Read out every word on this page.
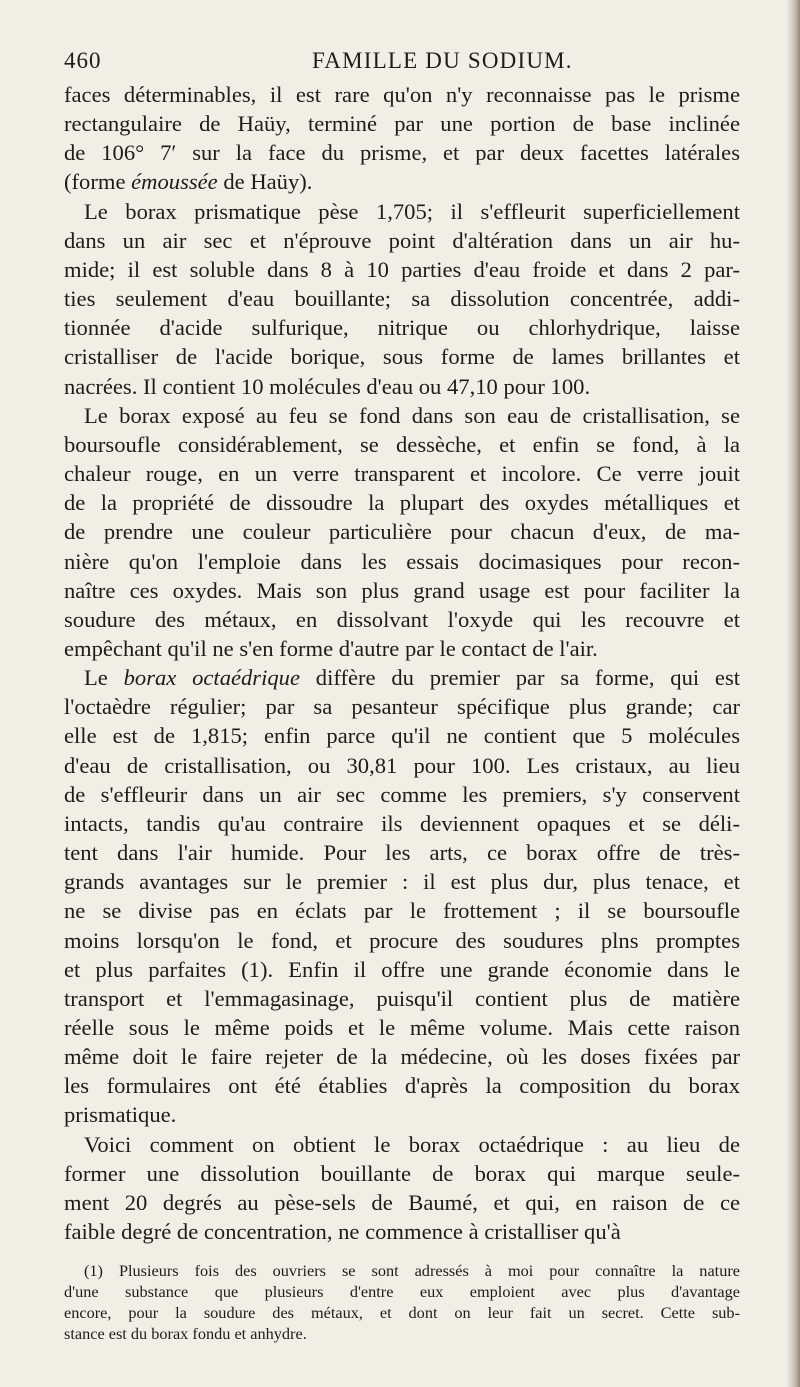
460	FAMILLE DU SODIUM.

faces déterminables, il est rare qu'on n'y reconnaisse pas le prisme
rectangulaire de Haüy, terminé par une portion de base inclinée
de 106° 7′ sur la face du prisme, et par deux facettes latérales
(forme émoussée de Haüy).

Le borax prismatique pèse 1,705; il s'effleurit superficiellement
dans un air sec et n'éprouve point d'altération dans un air hu-
mide; il est soluble dans 8 à 10 parties d'eau froide et dans 2 par-
ties seulement d'eau bouillante; sa dissolution concentrée, addi-
tionnée d'acide sulfurique, nitrique ou chlorhydrique, laisse
cristalliser de l'acide borique, sous forme de lames brillantes et
nacrées. Il contient 10 molécules d'eau ou 47,10 pour 100.

Le borax exposé au feu se fond dans son eau de cristallisation, se
boursoufle considérablement, se dessèche, et enfin se fond, à la
chaleur rouge, en un verre transparent et incolore. Ce verre jouit
de la propriété de dissoudre la plupart des oxydes métalliques et
de prendre une couleur particulière pour chacun d'eux, de ma-
nière qu'on l'emploie dans les essais docimasiques pour recon-
naître ces oxydes. Mais son plus grand usage est pour faciliter la
soudure des métaux, en dissolvant l'oxyde qui les recouvre et
empêchant qu'il ne s'en forme d'autre par le contact de l'air.

Le borax octaédrique diffère du premier par sa forme, qui est
l'octaèdre régulier; par sa pesanteur spécifique plus grande; car
elle est de 1,815; enfin parce qu'il ne contient que 5 molécules
d'eau de cristallisation, ou 30,81 pour 100. Les cristaux, au lieu
de s'effleurir dans un air sec comme les premiers, s'y conservent
intacts, tandis qu'au contraire ils deviennent opaques et se déli-
tent dans l'air humide. Pour les arts, ce borax offre de très-
grands avantages sur le premier : il est plus dur, plus tenace, et
ne se divise pas en éclats par le frottement ; il se boursoufle
moins lorsqu'on le fond, et procure des soudures plns promptes
et plus parfaites (1). Enfin il offre une grande économie dans le
transport et l'emmagasinage, puisqu'il contient plus de matière
réelle sous le même poids et le même volume. Mais cette raison
même doit le faire rejeter de la médecine, où les doses fixées par
les formulaires ont été établies d'après la composition du borax
prismatique.

Voici comment on obtient le borax octaédrique : au lieu de
former une dissolution bouillante de borax qui marque seule-
ment 20 degrés au pèse-sels de Baumé, et qui, en raison de ce
faible degré de concentration, ne commence à cristalliser qu'à

(1) Plusieurs fois des ouvriers se sont adressés à moi pour connaître la nature
d'une substance que plusieurs d'entre eux emploient avec plus d'avantage
encore, pour la soudure des métaux, et dont on leur fait un secret. Cette sub-
stance est du borax fondu et anhydre.
